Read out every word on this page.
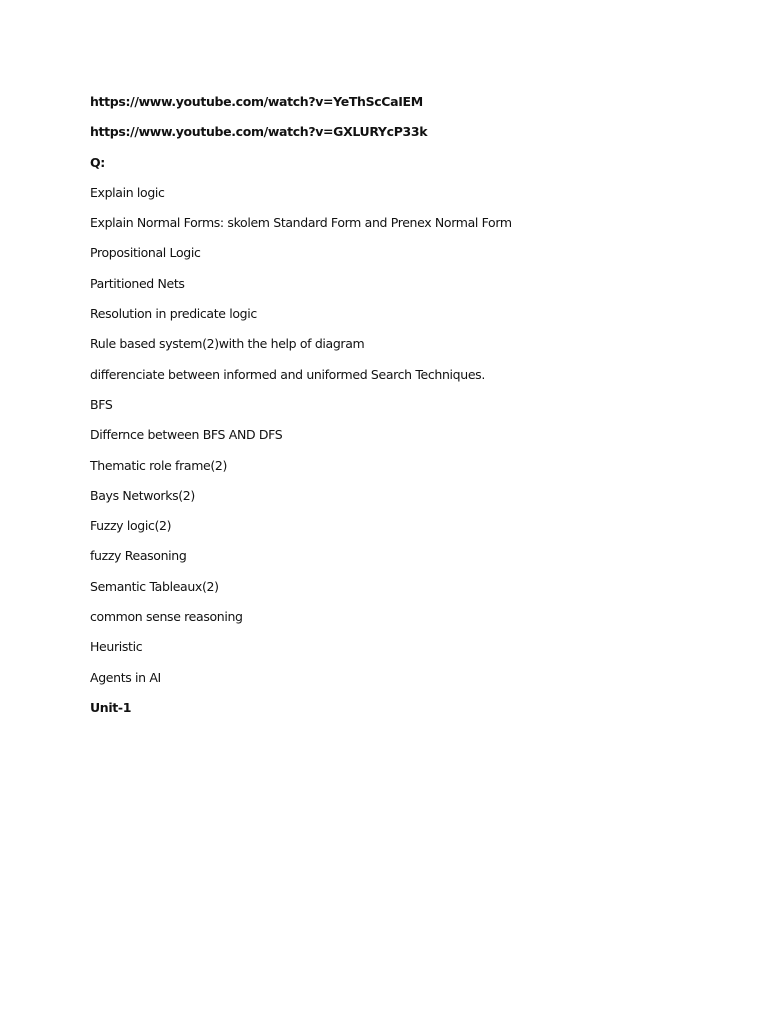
https://www.youtube.com/watch?v=YeThScCaIEM
https://www.youtube.com/watch?v=GXLURYcP33k
Q:
Explain logic
Explain Normal Forms: skolem Standard Form and Prenex Normal Form
Propositional Logic
Partitioned Nets
Resolution in predicate logic
Rule based system(2)with the help of diagram
differenciate between informed and uniformed Search Techniques.
BFS
Differnce between BFS AND DFS
Thematic role frame(2)
Bays Networks(2)
Fuzzy logic(2)
fuzzy Reasoning
Semantic Tableaux(2)
common sense reasoning
Heuristic
Agents in AI
Unit-1
